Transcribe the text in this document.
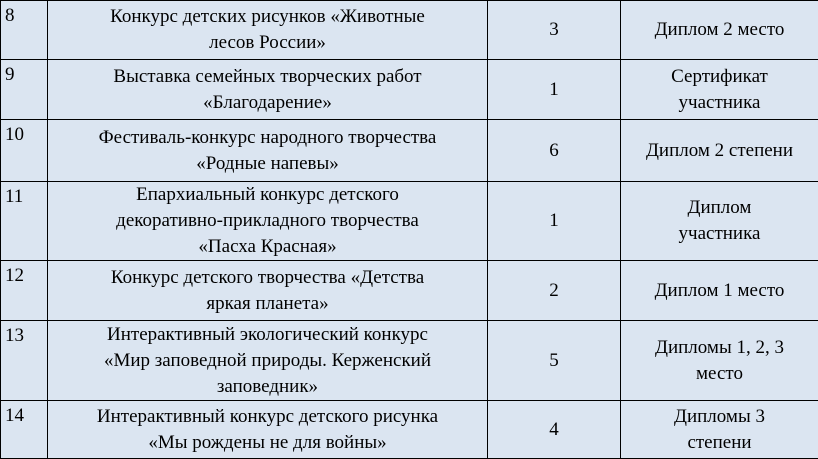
8	Конкурс детских рисунков «Животные
лесов России»	3	Диплом 2 место

9	Выставка семейных творческих работ
«Благодарение»	1	Сертификат
участника

10	Фестиваль-конкурс народного творчества
«Родные напевы»	6	Диплом 2 степени

11	Епархиальный конкурс детского
декоративно-прикладного творчества
«Пасха Красная»	1	Диплом
участника

12	Конкурс детского творчества «Детства
яркая планета»	2	Диплом 1 место

13	Интерактивный экологический конкурс
«Мир заповедной природы. Керженский
заповедник»	5	Дипломы 1, 2, 3
место

14	Интерактивный конкурс детского рисунка
«Мы рождены не для войны»	4	Дипломы 3
степени
